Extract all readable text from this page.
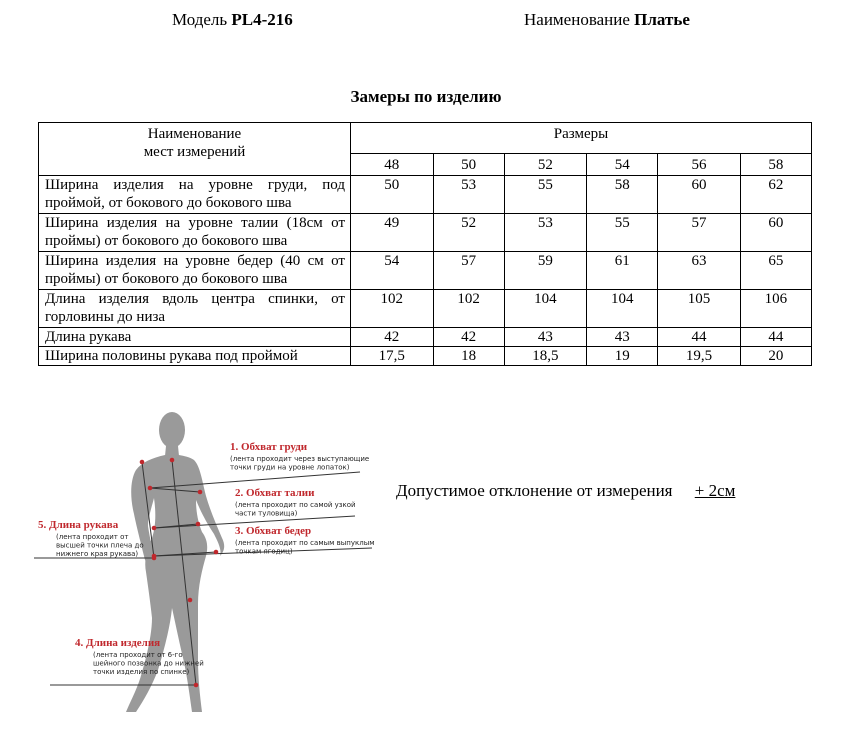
Модель PL4-216	Наименование Платье
Замеры по изделию
Наименование
мест измерений	Размеры					
	48	50	52	54	56	58
Ширина изделия на уровне груди, под проймой, от бокового до бокового шва	50	53	55	58	60	62
Ширина изделия на уровне талии (18см от проймы) от бокового до бокового шва	49	52	53	55	57	60
Ширина изделия на уровне бедер (40 см от проймы) от бокового до бокового шва	54	57	59	61	63	65
Длина изделия вдоль центра спинки, от горловины до низа	102	102	104	104	105	106
Длина рукава	42	42	43	43	44	44
Ширина половины рукава под проймой	17,5	18	18,5	19	19,5	20
Допустимое отклонение от измерения + 2см
1. Обхват груди
(лента проходит через выступающие
точки груди на уровне лопаток)
2. Обхват талии
(лента проходит по самой узкой
части туловища)
3. Обхват бедер
(лента проходит по самым выпуклым
точкам ягодиц)
4. Длина изделия
(лента проходит от 6-го
шейного позвонка до нижней
точки изделия по спинке)
5. Длина рукава
(лента проходит от
высшей точки плеча до
нижнего края рукава)
